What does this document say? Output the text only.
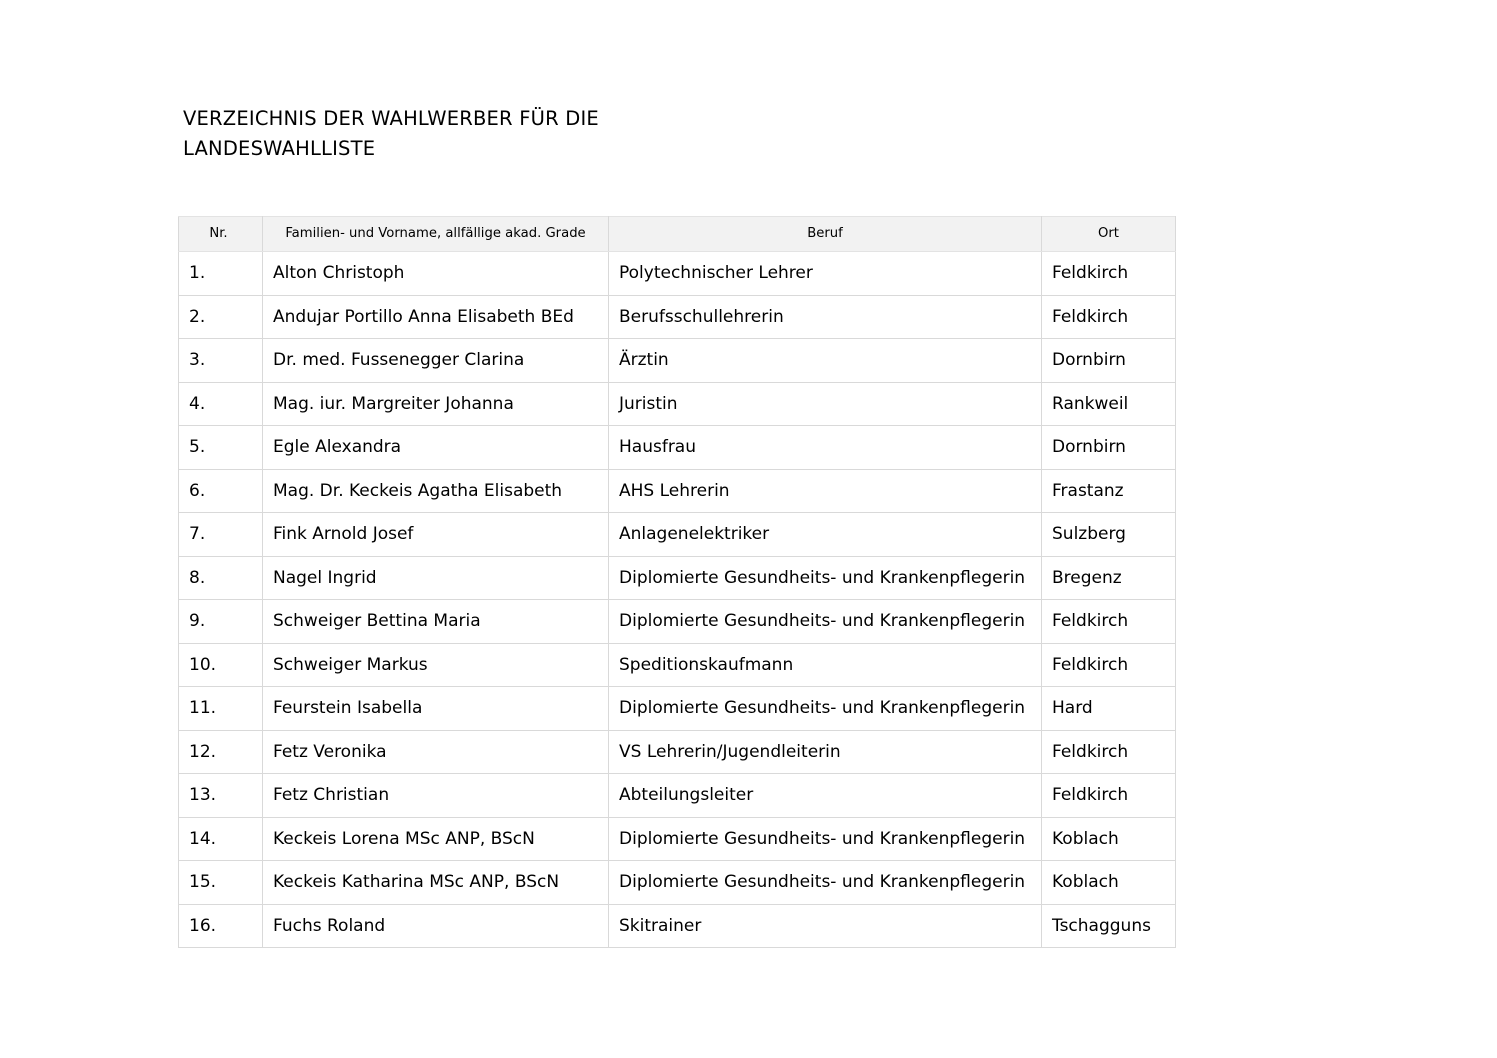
VERZEICHNIS DER WAHLWERBER FÜR DIE
LANDESWAHLLISTE
Nr.	Familien- und Vorname, allfällige akad. Grade	Beruf	Ort
1.	Alton Christoph	Polytechnischer Lehrer	Feldkirch
2.	Andujar Portillo Anna Elisabeth BEd	Berufsschullehrerin	Feldkirch
3.	Dr. med. Fussenegger Clarina	Ärztin	Dornbirn
4.	Mag. iur. Margreiter Johanna	Juristin	Rankweil
5.	Egle Alexandra	Hausfrau	Dornbirn
6.	Mag. Dr. Keckeis Agatha Elisabeth	AHS Lehrerin	Frastanz
7.	Fink Arnold Josef	Anlagenelektriker	Sulzberg
8.	Nagel Ingrid	Diplomierte Gesundheits- und Krankenpflegerin	Bregenz
9.	Schweiger Bettina Maria	Diplomierte Gesundheits- und Krankenpflegerin	Feldkirch
10.	Schweiger Markus	Speditionskaufmann	Feldkirch
11.	Feurstein Isabella	Diplomierte Gesundheits- und Krankenpflegerin	Hard
12.	Fetz Veronika	VS Lehrerin/Jugendleiterin	Feldkirch
13.	Fetz Christian	Abteilungsleiter	Feldkirch
14.	Keckeis Lorena MSc ANP, BScN	Diplomierte Gesundheits- und Krankenpflegerin	Koblach
15.	Keckeis Katharina MSc ANP, BScN	Diplomierte Gesundheits- und Krankenpflegerin	Koblach
16.	Fuchs Roland	Skitrainer	Tschagguns
